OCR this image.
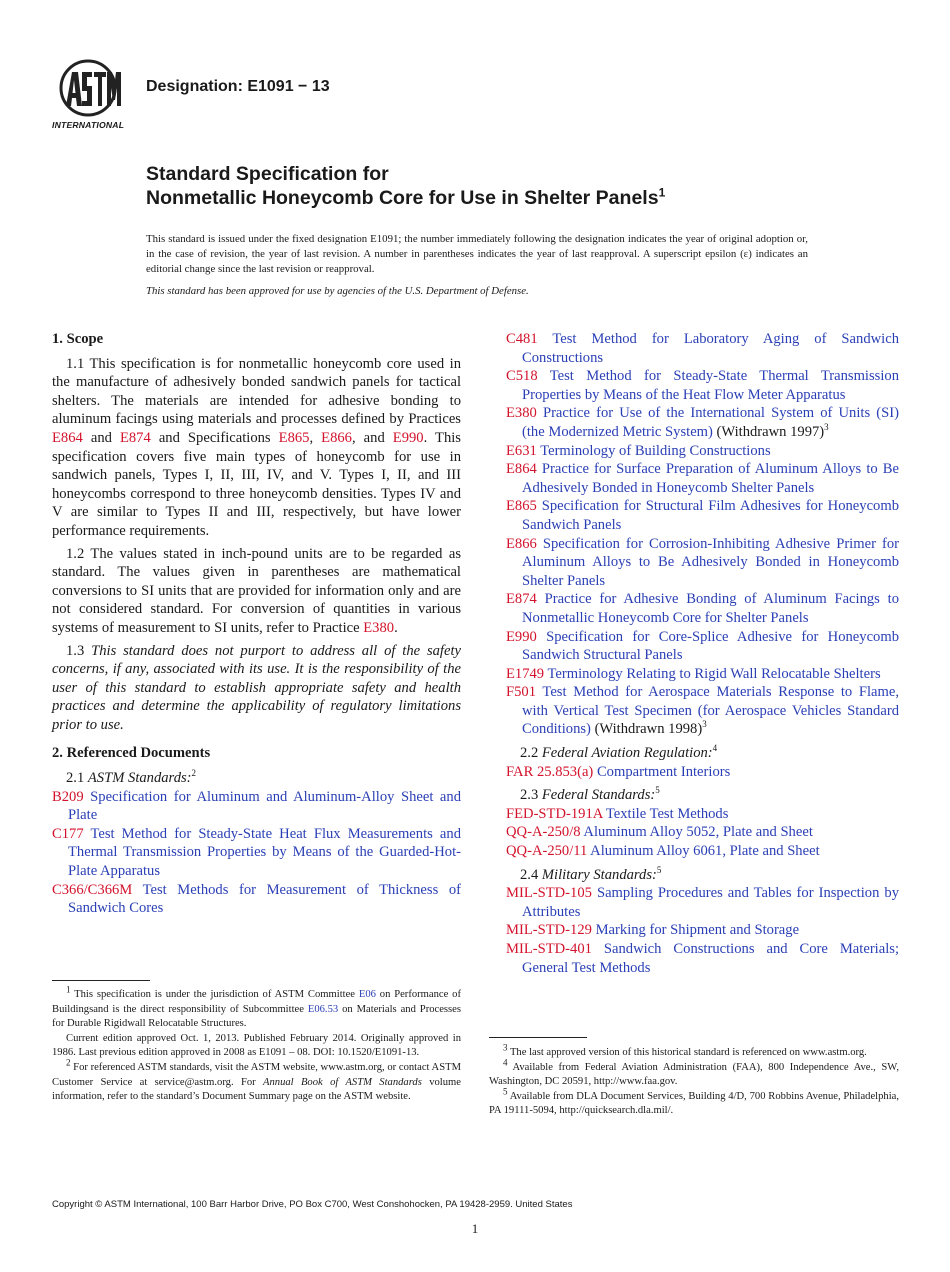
INTERNATIONAL
Designation: E1091 − 13
Standard Specification for
Nonmetallic Honeycomb Core for Use in Shelter Panels$^1$
This standard is issued under the fixed designation E1091; the number immediately following the designation indicates the year of original adoption or, in the case of revision, the year of last revision. A number in parentheses indicates the year of last reapproval. A superscript epsilon (ε) indicates an editorial change since the last revision or reapproval.
This standard has been approved for use by agencies of the U.S. Department of Defense.
1. Scope
1.1 This specification is for nonmetallic honeycomb core used in the manufacture of adhesively bonded sandwich panels for tactical shelters. The materials are intended for adhesive bonding to aluminum facings using materials and processes defined by Practices E864 and E874 and Specifications E865, E866, and E990. This specification covers five main types of honeycomb for use in sandwich panels, Types I, II, III, IV, and V. Types I, II, and III honeycombs correspond to three honeycomb densities. Types IV and V are similar to Types II and III, respectively, but have lower performance requirements.
1.2 The values stated in inch-pound units are to be regarded as standard. The values given in parentheses are mathematical conversions to SI units that are provided for information only and are not considered standard. For conversion of quantities in various systems of measurement to SI units, refer to Practice E380.
1.3 This standard does not purport to address all of the safety concerns, if any, associated with its use. It is the responsibility of the user of this standard to establish appropriate safety and health practices and determine the applicability of regulatory limitations prior to use.
2. Referenced Documents
2.1 ASTM Standards:$^2$
B209 Specification for Aluminum and Aluminum-Alloy Sheet and Plate
C177 Test Method for Steady-State Heat Flux Measurements and Thermal Transmission Properties by Means of the Guarded-Hot-Plate Apparatus
C366/C366M Test Methods for Measurement of Thickness of Sandwich Cores
C481 Test Method for Laboratory Aging of Sandwich Constructions
C518 Test Method for Steady-State Thermal Transmission Properties by Means of the Heat Flow Meter Apparatus
E380 Practice for Use of the International System of Units (SI) (the Modernized Metric System) (Withdrawn 1997)$^3$
E631 Terminology of Building Constructions
E864 Practice for Surface Preparation of Aluminum Alloys to Be Adhesively Bonded in Honeycomb Shelter Panels
E865 Specification for Structural Film Adhesives for Honeycomb Sandwich Panels
E866 Specification for Corrosion-Inhibiting Adhesive Primer for Aluminum Alloys to Be Adhesively Bonded in Honeycomb Shelter Panels
E874 Practice for Adhesive Bonding of Aluminum Facings to Nonmetallic Honeycomb Core for Shelter Panels
E990 Specification for Core-Splice Adhesive for Honeycomb Sandwich Structural Panels
E1749 Terminology Relating to Rigid Wall Relocatable Shelters
F501 Test Method for Aerospace Materials Response to Flame, with Vertical Test Specimen (for Aerospace Vehicles Standard Conditions) (Withdrawn 1998)$^3$
2.2 Federal Aviation Regulation:$^4$
FAR 25.853(a) Compartment Interiors
2.3 Federal Standards:$^5$
FED-STD-191A Textile Test Methods
QQ-A-250/8 Aluminum Alloy 5052, Plate and Sheet
QQ-A-250/11 Aluminum Alloy 6061, Plate and Sheet
2.4 Military Standards:$^5$
MIL-STD-105 Sampling Procedures and Tables for Inspection by Attributes
MIL-STD-129 Marking for Shipment and Storage
MIL-STD-401 Sandwich Constructions and Core Materials; General Test Methods

$^1$ This specification is under the jurisdiction of ASTM Committee E06 on Performance of Buildingsand is the direct responsibility of Subcommittee E06.53 on Materials and Processes for Durable Rigidwall Relocatable Structures.

Current edition approved Oct. 1, 2013. Published February 2014. Originally approved in 1986. Last previous edition approved in 2008 as E1091 – 08. DOI: 10.1520/E1091-13.

$^2$ For referenced ASTM standards, visit the ASTM website, www.astm.org, or contact ASTM Customer Service at service@astm.org. For Annual Book of ASTM Standards volume information, refer to the standard’s Document Summary page on the ASTM website.

$^3$ The last approved version of this historical standard is referenced on www.astm.org.

$^4$ Available from Federal Aviation Administration (FAA), 800 Independence Ave., SW, Washington, DC 20591, http://www.faa.gov.

$^5$ Available from DLA Document Services, Building 4/D, 700 Robbins Avenue, Philadelphia, PA 19111-5094, http://quicksearch.dla.mil/.

Copyright © ASTM International, 100 Barr Harbor Drive, PO Box C700, West Conshohocken, PA 19428-2959. United States
1
